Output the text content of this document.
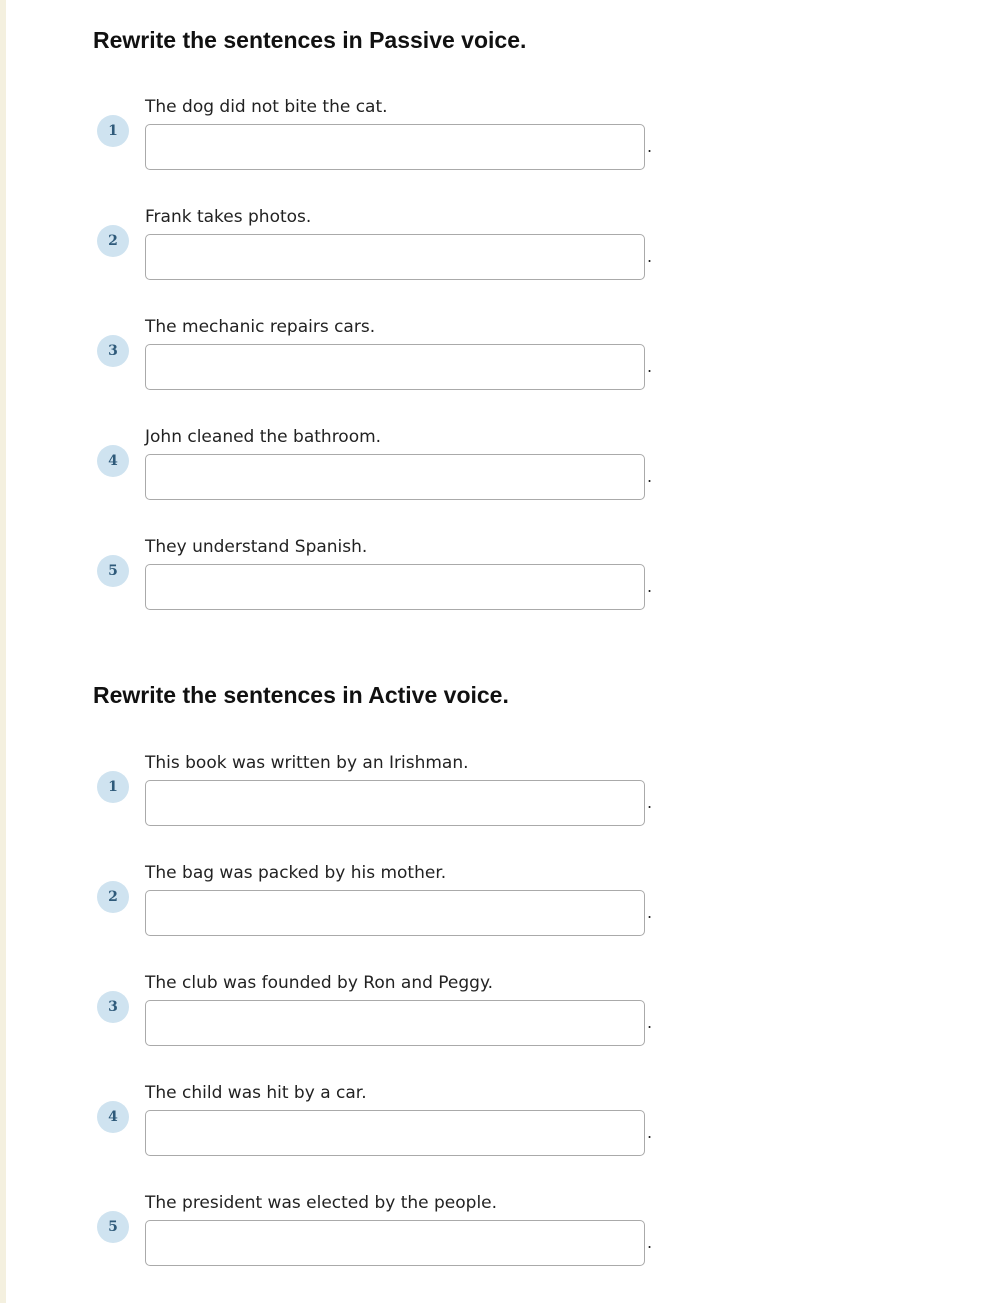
Rewrite the sentences in Passive voice.
The dog did not bite the cat.
1
.
Frank takes photos.
2
.
The mechanic repairs cars.
3
.
John cleaned the bathroom.
4
.
They understand Spanish.
5
.
Rewrite the sentences in Active voice.
This book was written by an Irishman.
1
.
The bag was packed by his mother.
2
.
The club was founded by Ron and Peggy.
3
.
The child was hit by a car.
4
.
The president was elected by the people.
5
.
